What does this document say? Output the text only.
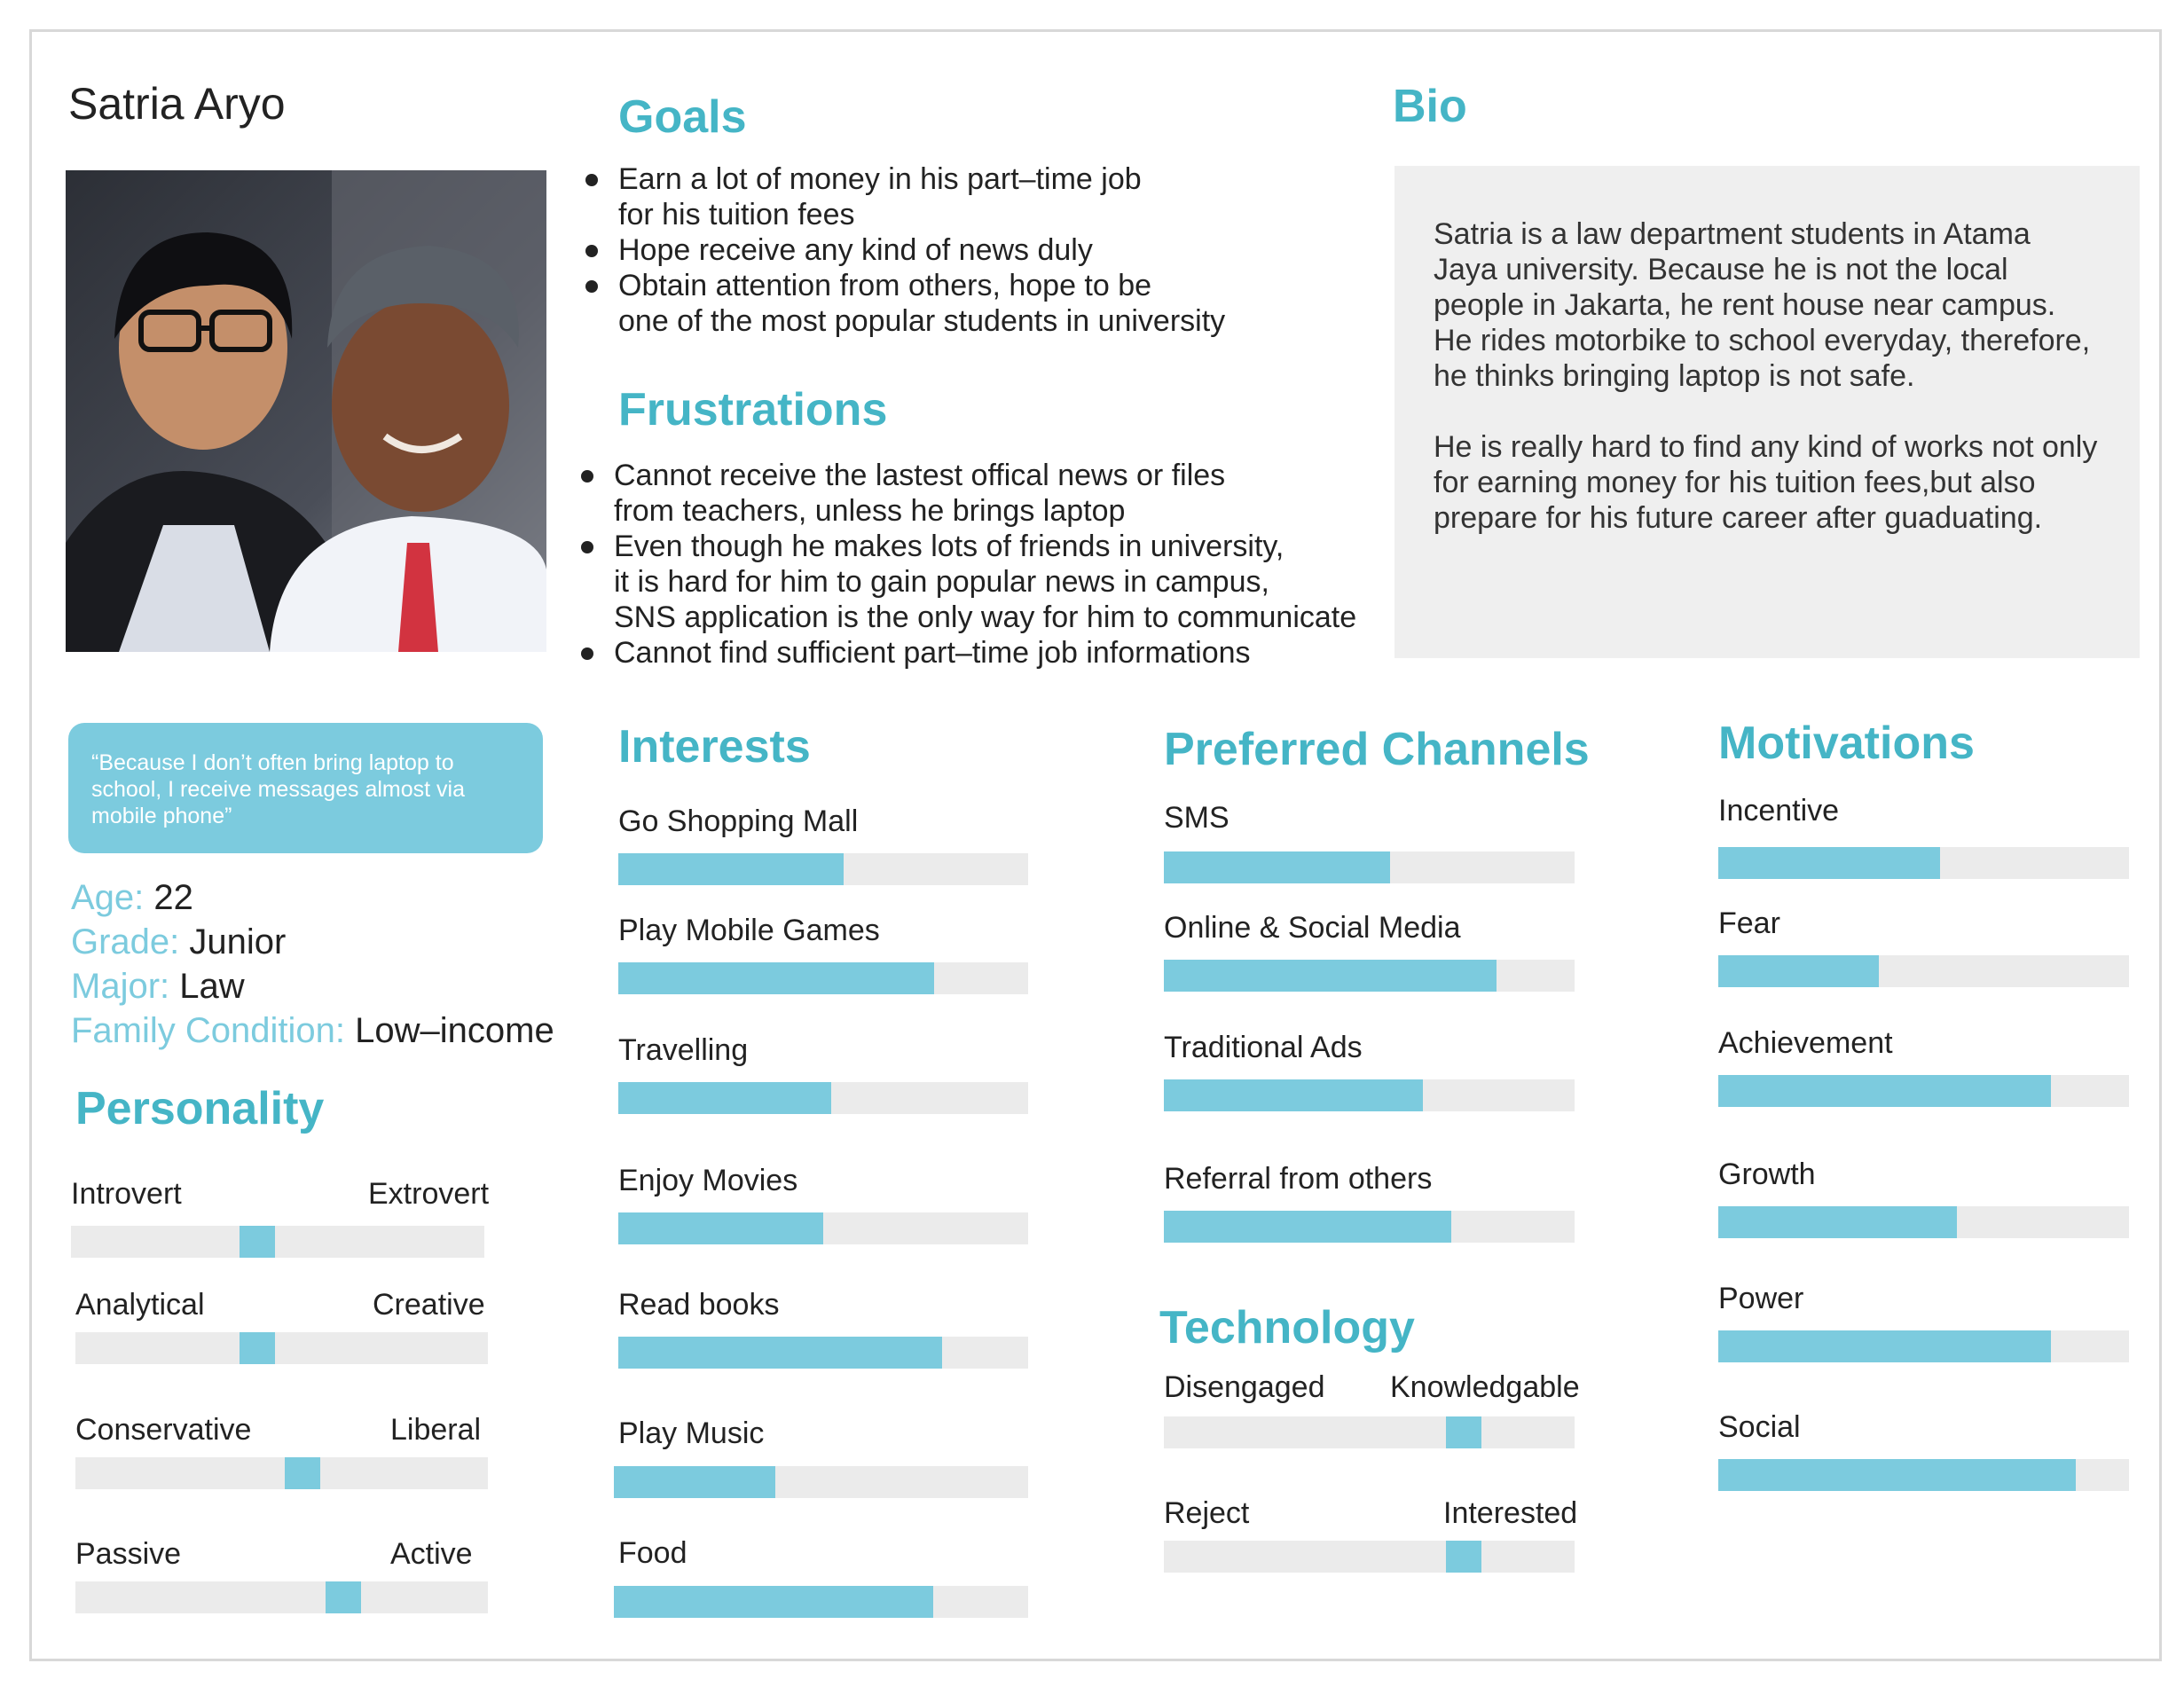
Satria Aryo
“Because I don’t often bring laptop to school, I receive messages almost via mobile phone”
Age: 22
Grade: Junior
Major: Law
Family Condition: Low–income
Goals
Earn a lot of money in his part–time job
for his tuition fees
Hope receive any kind of news duly
Obtain attention from others, hope to be
one of the most popular students in university
Frustrations
Cannot receive the lastest offical news or files
from teachers, unless he brings laptop
Even though he makes lots of friends in university,
it is hard for him to gain popular news in campus,
SNS application is the only way for him to communicate
Cannot find sufficient part–time job informations
Bio

Satria is a law department students in Atama Jaya university. Because he is not the local people in Jakarta, he rent house near campus. He rides motorbike to school everyday, therefore, he thinks bringing laptop is not safe.

He is really hard to find any kind of works not only for earning money for his tuition fees,but also prepare for his future career after guaduating.

Personality
Introvert	Extrovert
Analytical	Creative
Conservative	Liberal
Passive	Active
Interests
Go Shopping Mall
Play Mobile Games
Travelling
Enjoy Movies
Read books
Play Music
Food
Preferred Channels
SMS
Online & Social Media
Traditional Ads
Referral from others
Technology
Disengaged Knowledgable
Reject	Interested
Motivations
Incentive
Fear
Achievement
Growth
Power
Social
